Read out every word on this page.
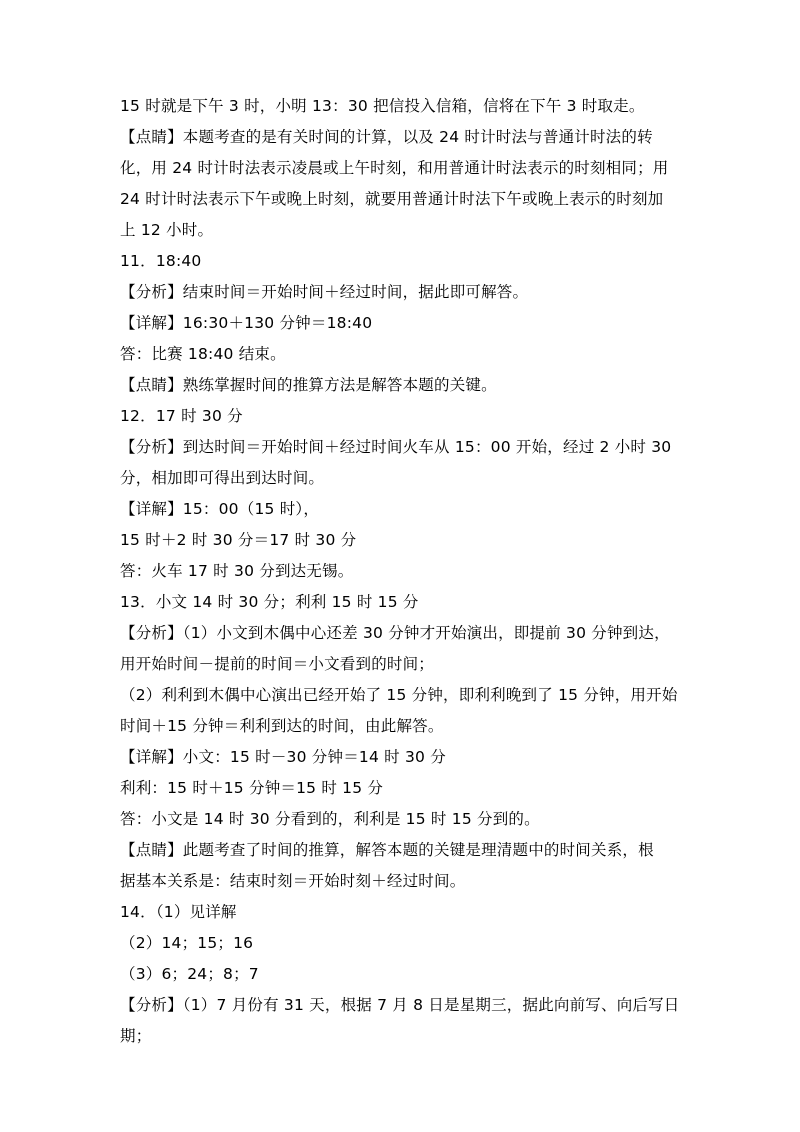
15 时就是下午 3 时，小明 13：30 把信投入信箱，信将在下午 3 时取走。
【点睛】本题考查的是有关时间的计算，以及 24 时计时法与普通计时法的转
化，用 24 时计时法表示凌晨或上午时刻，和用普通计时法表示的时刻相同；用
24 时计时法表示下午或晚上时刻，就要用普通计时法下午或晚上表示的时刻加
上 12 小时。
11．18:40
【分析】结束时间＝开始时间＋经过时间，据此即可解答。
【详解】16:30＋130 分钟＝18:40
答：比赛 18:40 结束。
【点睛】熟练掌握时间的推算方法是解答本题的关键。
12．17 时 30 分
【分析】到达时间＝开始时间＋经过时间火车从 15：00 开始，经过 2 小时 30
分，相加即可得出到达时间。
【详解】15：00（15 时），
15 时＋2 时 30 分＝17 时 30 分
答：火车 17 时 30 分到达无锡。
13．小文 14 时 30 分；利利 15 时 15 分
【分析】（1）小文到木偶中心还差 30 分钟才开始演出，即提前 30 分钟到达，
用开始时间－提前的时间＝小文看到的时间；
（2）利利到木偶中心演出已经开始了 15 分钟，即利利晚到了 15 分钟，用开始
时间＋15 分钟＝利利到达的时间，由此解答。
【详解】小文：15 时－30 分钟＝14 时 30 分
利利：15 时＋15 分钟＝15 时 15 分
答：小文是 14 时 30 分看到的，利利是 15 时 15 分到的。
【点睛】此题考查了时间的推算，解答本题的关键是理清题中的时间关系，根
据基本关系是：结束时刻＝开始时刻＋经过时间。
14．（1）见详解
（2）14；15；16
（3）6；24；8；7
【分析】（1）7 月份有 31 天，根据 7 月 8 日是星期三，据此向前写、向后写日
期；
